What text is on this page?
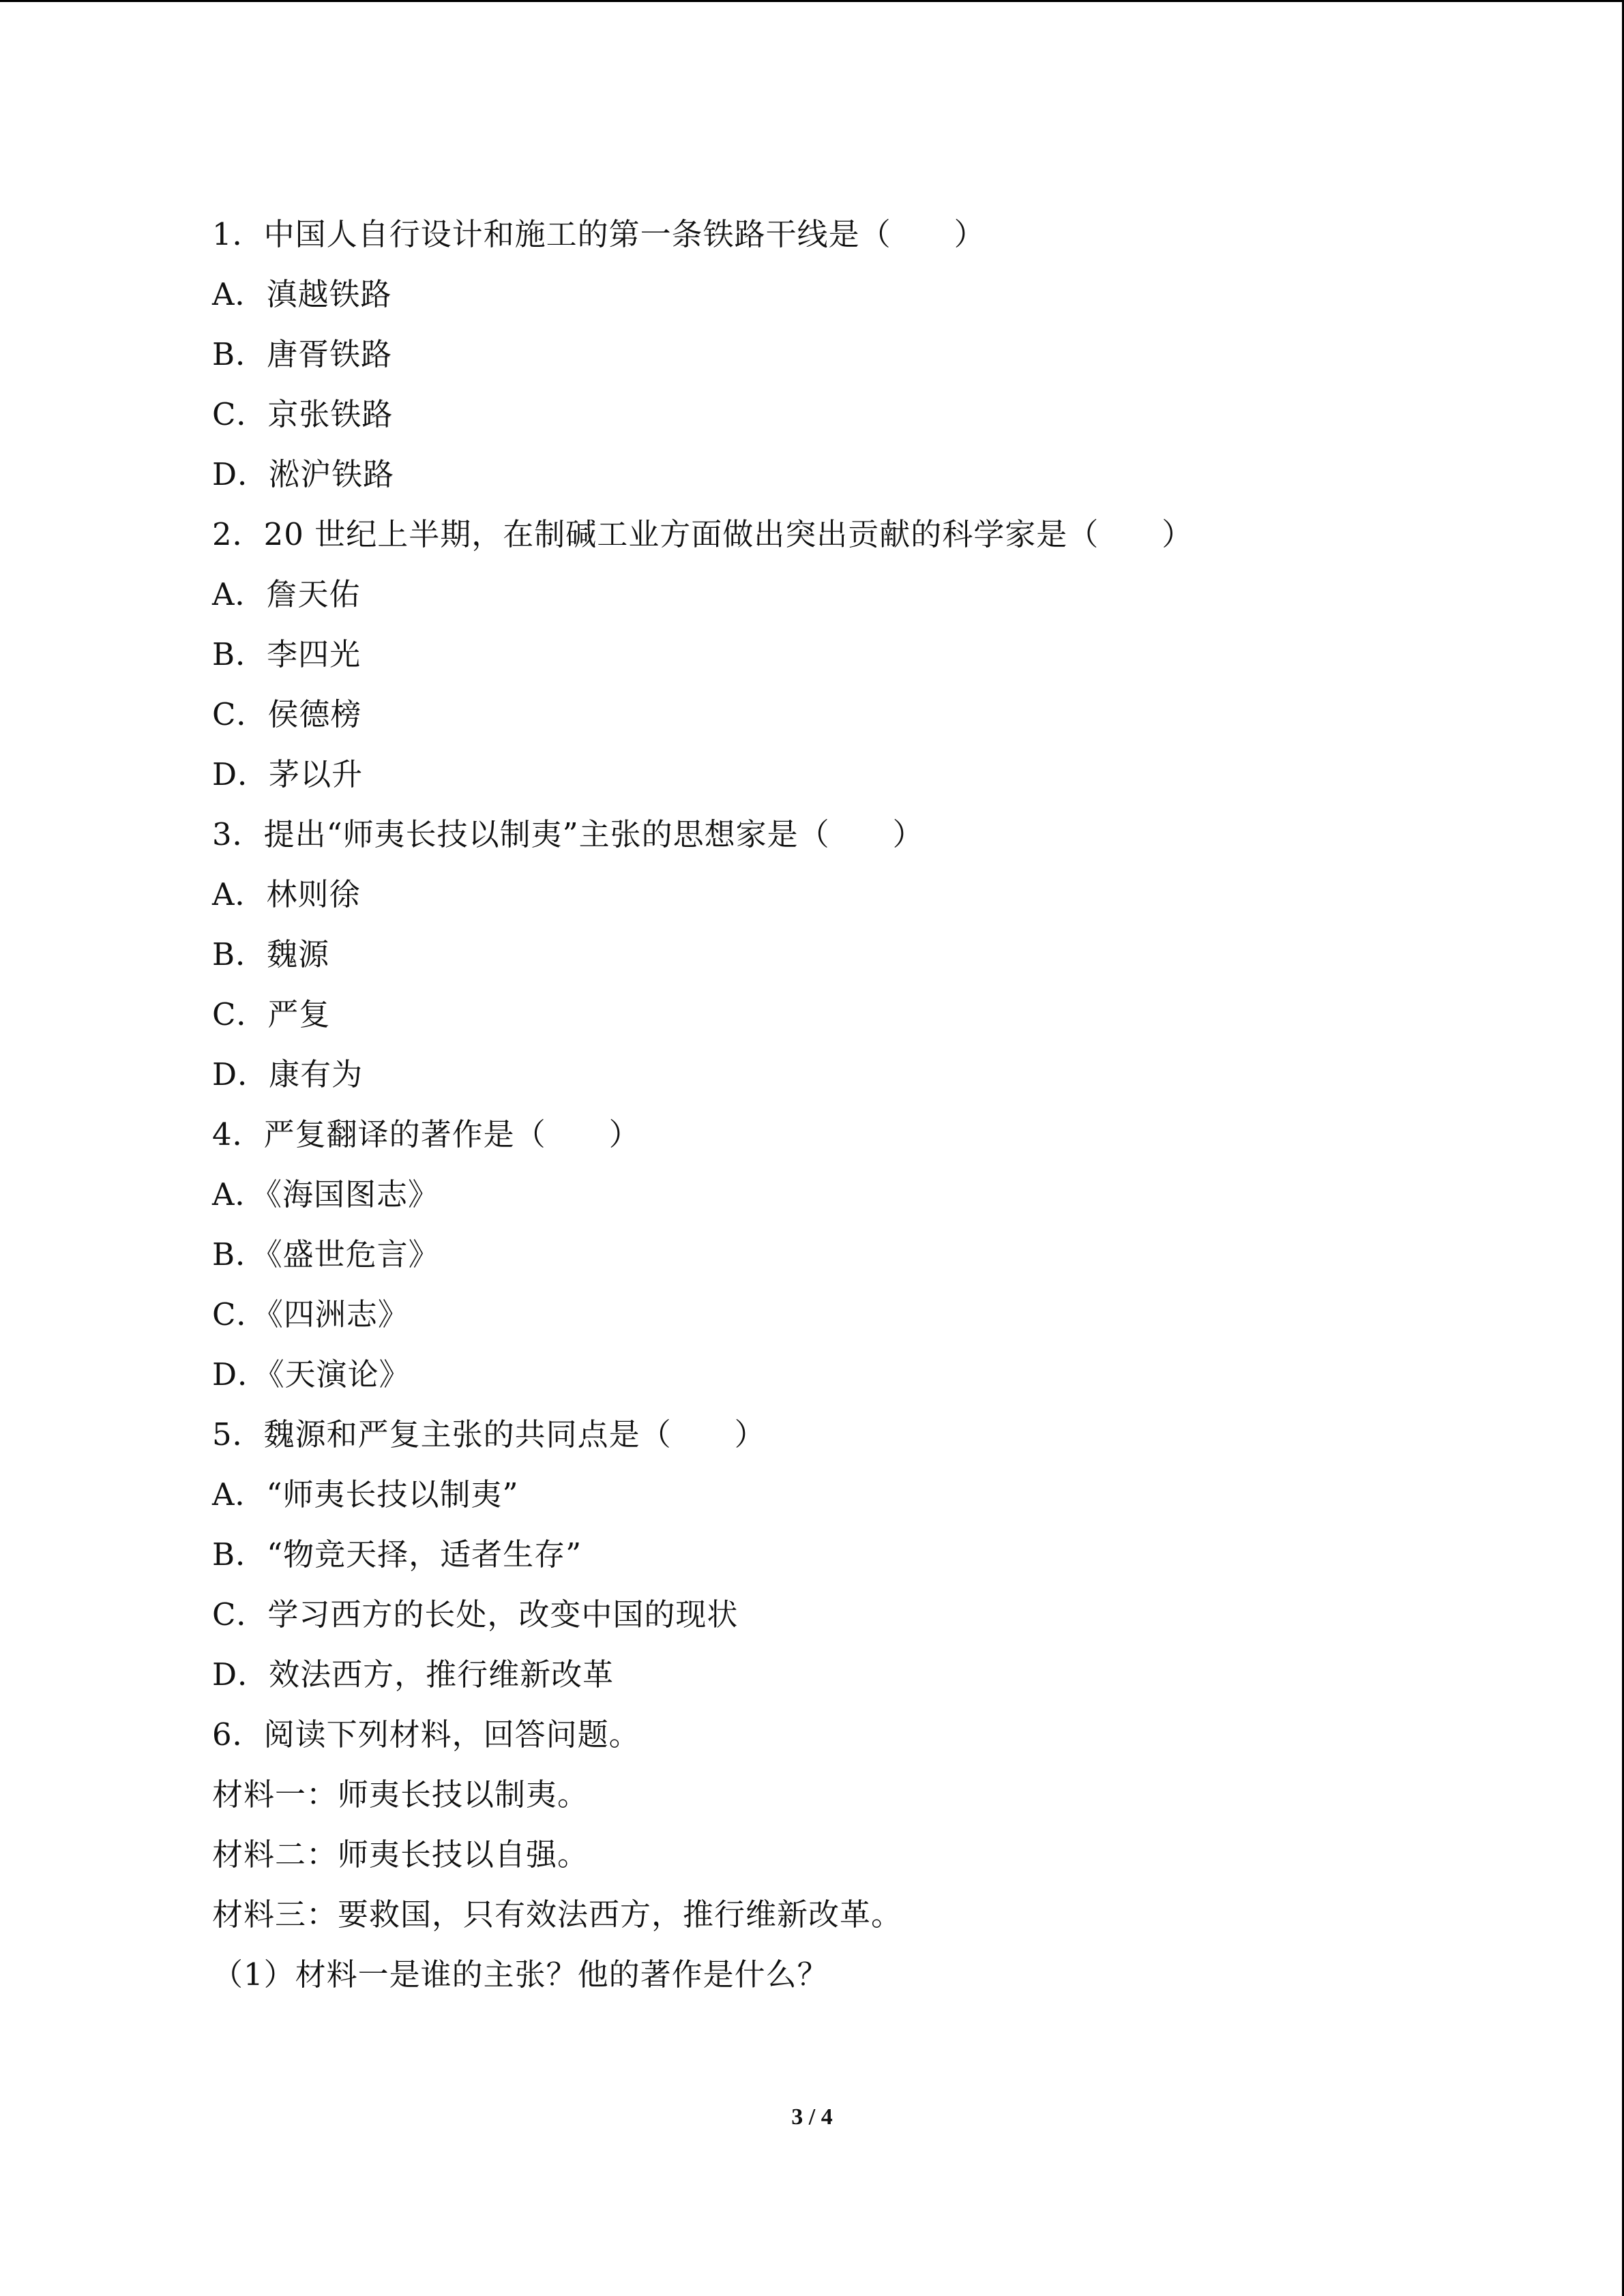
1．中国人自行设计和施工的第一条铁路干线是（　　）
A．滇越铁路
B．唐胥铁路
C．京张铁路
D．淞沪铁路
2．20 世纪上半期，在制碱工业方面做出突出贡献的科学家是（　　）
A．詹天佑
B．李四光
C．侯德榜
D．茅以升
3．提出“师夷长技以制夷”主张的思想家是（　　）
A．林则徐
B．魏源
C．严复
D．康有为
4．严复翻译的著作是（　　）
A．《海国图志》
B．《盛世危言》
C．《四洲志》
D．《天演论》
5．魏源和严复主张的共同点是（　　）
A．“师夷长技以制夷”
B．“物竞天择，适者生存”
C．学习西方的长处，改变中国的现状
D．效法西方，推行维新改革
6．阅读下列材料，回答问题。
材料一：师夷长技以制夷。
材料二：师夷长技以自强。
材料三：要救国，只有效法西方，推行维新改革。
（1）材料一是谁的主张？他的著作是什么？
3 / 4
